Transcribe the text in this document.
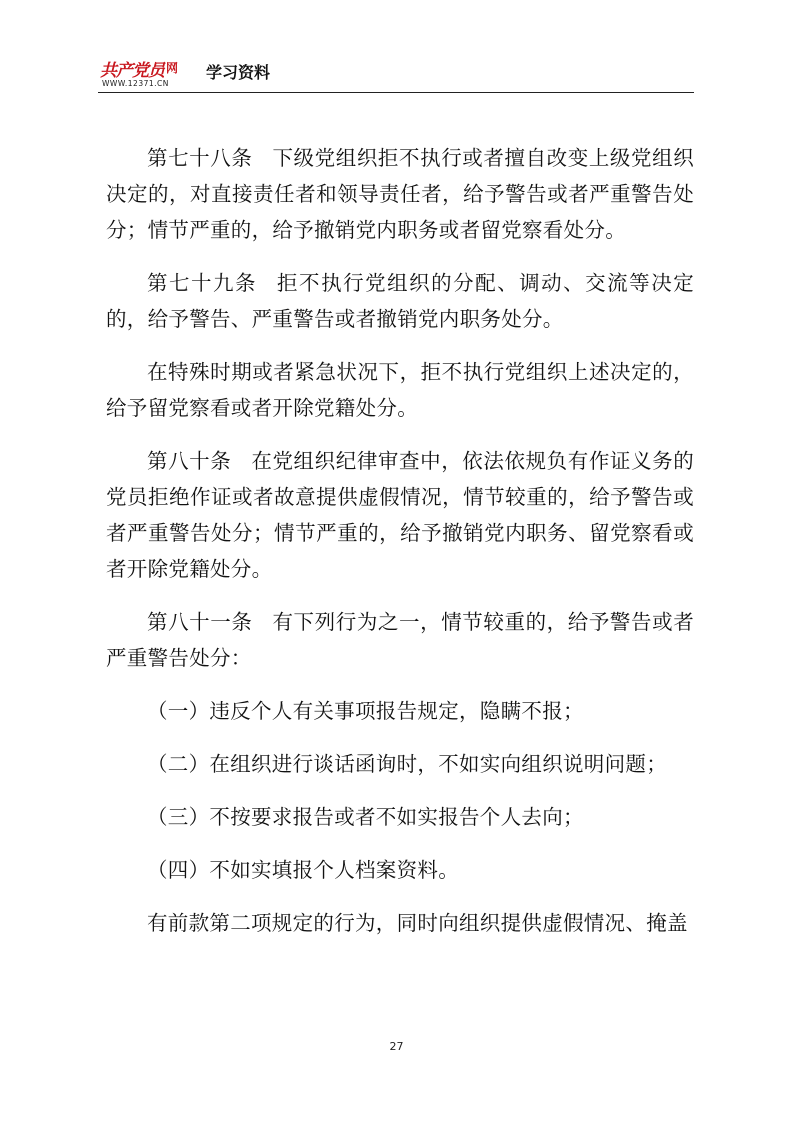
共产党员 网
WWW.12371.CN
学习资料

第七十八条 下级党组织拒不执行或者擅自改变上级党组织决定的，对直接责任者和领导责任者，给予警告或者严重警告处分；情节严重的，给予撤销党内职务或者留党察看处分。

第七十九条 拒不执行党组织的分配、调动、交流等决定的，给予警告、严重警告或者撤销党内职务处分。

在特殊时期或者紧急状况下，拒不执行党组织上述决定的，给予留党察看或者开除党籍处分。

第八十条 在党组织纪律审查中，依法依规负有作证义务的党员拒绝作证或者故意提供虚假情况，情节较重的，给予警告或者严重警告处分；情节严重的，给予撤销党内职务、留党察看或者开除党籍处分。

第八十一条 有下列行为之一，情节较重的，给予警告或者严重警告处分：

（一）违反个人有关事项报告规定，隐瞒不报；
（二）在组织进行谈话函询时，不如实向组织说明问题；
（三）不按要求报告或者不如实报告个人去向；
（四）不如实填报个人档案资料。

有前款第二项规定的行为，同时向组织提供虚假情况、掩盖

27
